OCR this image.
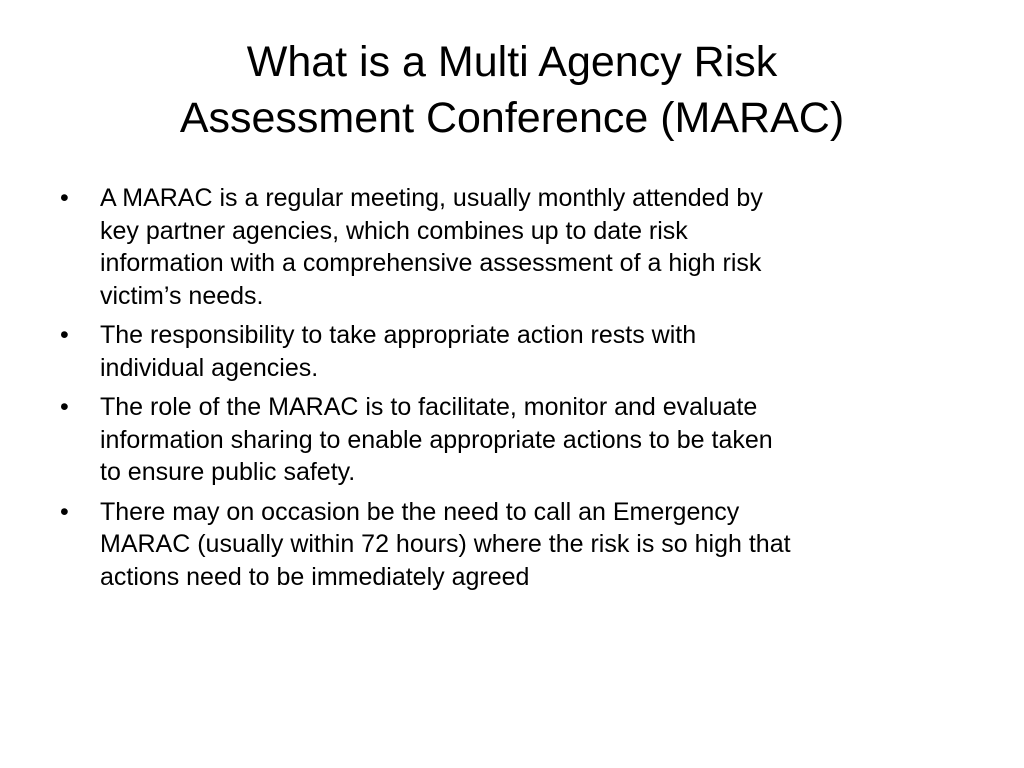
What is a Multi Agency Risk
Assessment Conference (MARAC)
• A MARAC is a regular meeting, usually monthly attended by
key partner agencies, which combines up to date risk
information with a comprehensive assessment of a high risk
victim’s needs.
• The responsibility to take appropriate action rests with
individual agencies.
• The role of the MARAC is to facilitate, monitor and evaluate
information sharing to enable appropriate actions to be taken
to ensure public safety.
• There may on occasion be the need to call an Emergency
MARAC (usually within 72 hours) where the risk is so high that
actions need to be immediately agreed
